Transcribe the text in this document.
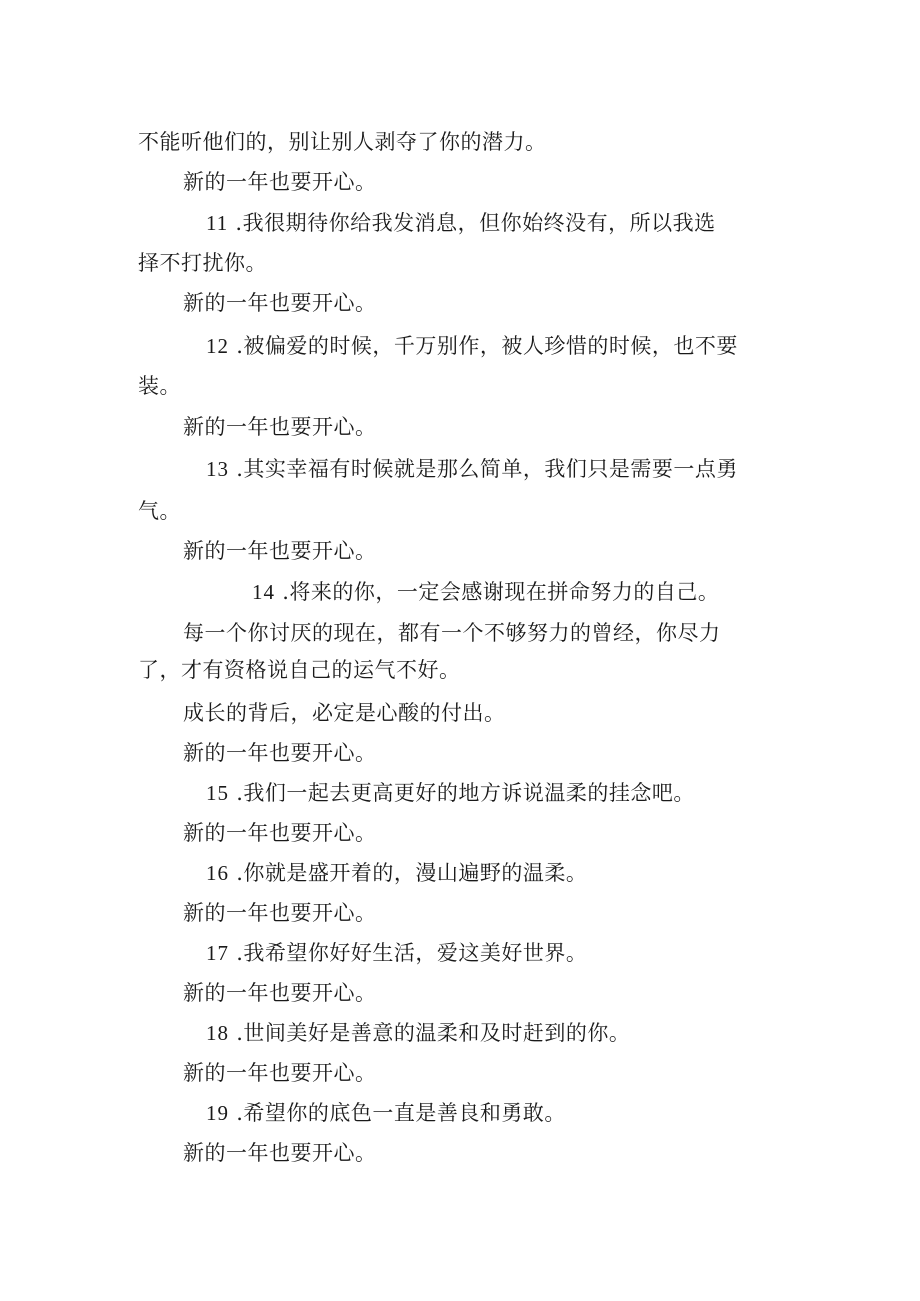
不能听他们的，别让别人剥夺了你的潜力。
新的一年也要开心。
11 .我很期待你给我发消息，但你始终没有，所以我选
择不打扰你。
新的一年也要开心。
12 .被偏爱的时候，千万别作，被人珍惜的时候，也不要
装。
新的一年也要开心。
13 .其实幸福有时候就是那么简单，我们只是需要一点勇
气。
新的一年也要开心。
14 .将来的你，一定会感谢现在拼命努力的自己。
每一个你讨厌的现在，都有一个不够努力的曾经，你尽力
了，才有资格说自己的运气不好。
成长的背后，必定是心酸的付出。
新的一年也要开心。
15 .我们一起去更高更好的地方诉说温柔的挂念吧。
新的一年也要开心。
16 .你就是盛开着的，漫山遍野的温柔。
新的一年也要开心。
17 .我希望你好好生活，爱这美好世界。
新的一年也要开心。
18 .世间美好是善意的温柔和及时赶到的你。
新的一年也要开心。
19 .希望你的底色一直是善良和勇敢。
新的一年也要开心。
